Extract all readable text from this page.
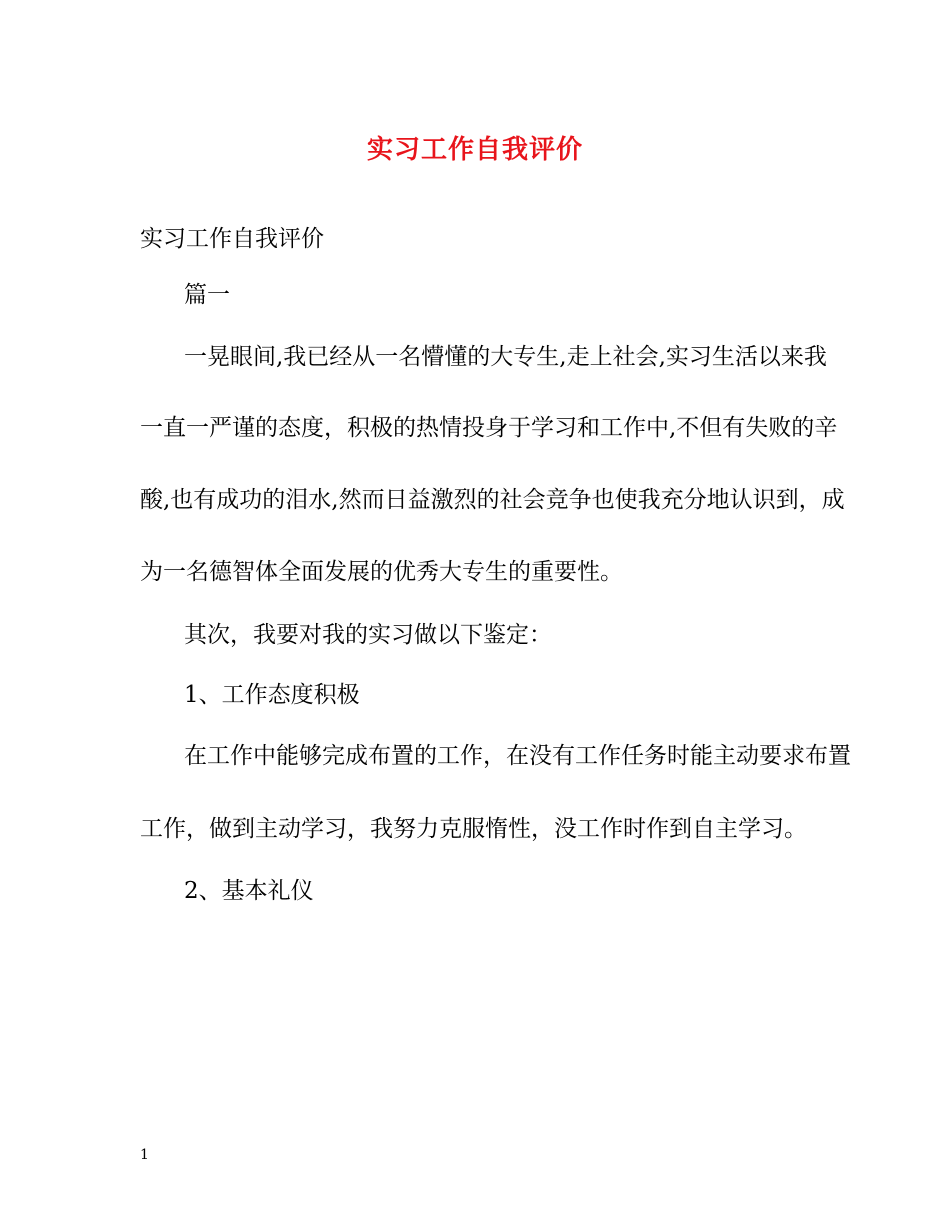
实习工作自我评价
实习工作自我评价
篇一
一晃眼间,我已经从一名懵懂的大专生,走上社会,实习生活以来我
一直一严谨的态度，积极的热情投身于学习和工作中,不但有失败的辛
酸,也有成功的泪水,然而日益激烈的社会竞争也使我充分地认识到，成
为一名德智体全面发展的优秀大专生的重要性。
其次，我要对我的实习做以下鉴定：
1、工作态度积极
在工作中能够完成布置的工作，在没有工作任务时能主动要求布置
工作，做到主动学习，我努力克服惰性，没工作时作到自主学习。
2、基本礼仪
1
